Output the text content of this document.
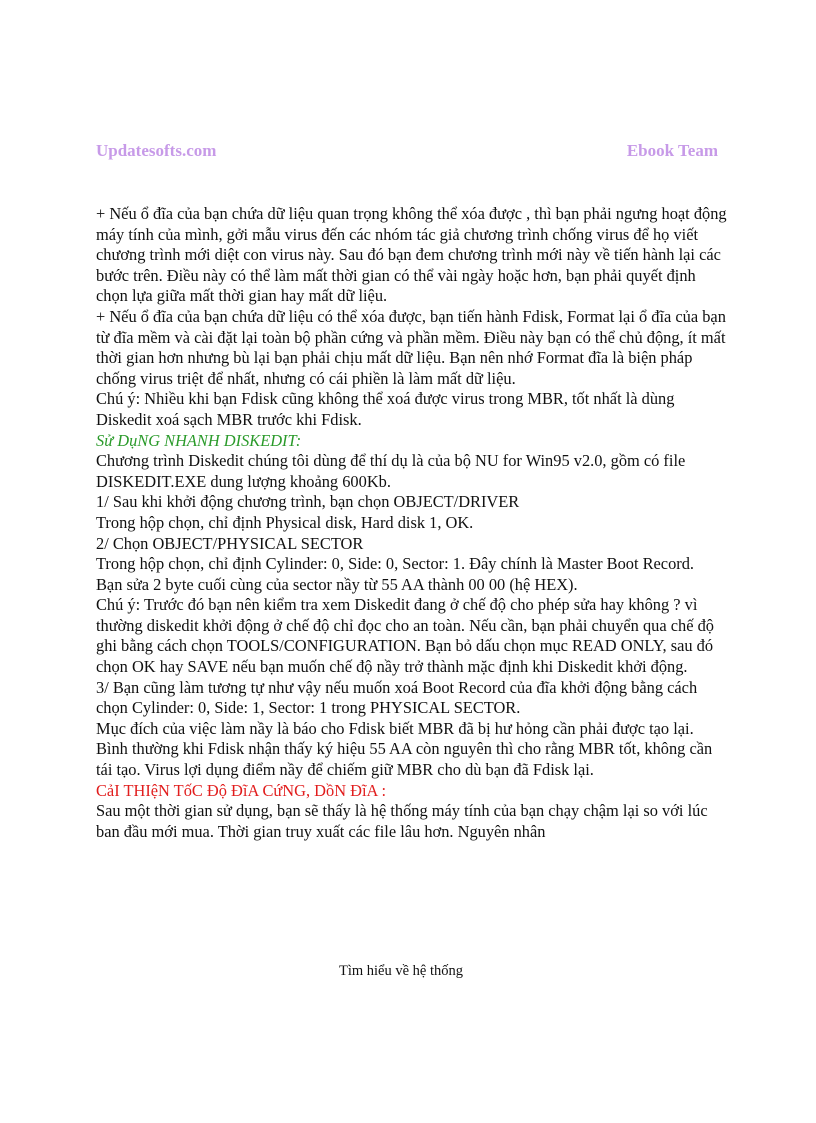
Updatesofts.com	Ebook Team

+ Nếu ổ đĩa của bạn chứa dữ liệu quan trọng không thể xóa được , thì bạn phải ngưng hoạt động máy tính của mình, gởi mẫu virus đến các nhóm tác giả chương trình chống virus để họ viết chương trình mới diệt con virus này. Sau đó bạn đem chương trình mới này về tiến hành lại các bước trên. Điều này có thể làm mất thời gian có thể vài ngày hoặc hơn, bạn phải quyết định chọn lựa giữa mất thời gian hay mất dữ liệu.

+ Nếu ổ đĩa của bạn chứa dữ liệu có thể xóa được, bạn tiến hành Fdisk, Format lại ổ đĩa của bạn từ đĩa mềm và cài đặt lại toàn bộ phần cứng và phần mềm. Điều này bạn có thể chủ động, ít mất thời gian hơn nhưng bù lại bạn phải chịu mất dữ liệu. Bạn nên nhớ Format đĩa là biện pháp chống virus triệt để nhất, nhưng có cái phiền là làm mất dữ liệu.

Chú ý: Nhiều khi bạn Fdisk cũng không thể xoá được virus trong MBR, tốt nhất là dùng Diskedit xoá sạch MBR trước khi Fdisk.

Sử DụNG NHANH DISKEDIT:

Chương trình Diskedit chúng tôi dùng để thí dụ là của bộ NU for Win95 v2.0, gồm có file DISKEDIT.EXE dung lượng khoảng 600Kb.

1/ Sau khi khởi động chương trình, bạn chọn OBJECT/DRIVER

Trong hộp chọn, chỉ định Physical disk, Hard disk 1, OK.

2/ Chọn OBJECT/PHYSICAL SECTOR

Trong hộp chọn, chỉ định Cylinder: 0, Side: 0, Sector: 1. Đây chính là Master Boot Record.

Bạn sửa 2 byte cuối cùng của sector nầy từ 55 AA thành 00 00 (hệ HEX).

Chú ý: Trước đó bạn nên kiểm tra xem Diskedit đang ở chế độ cho phép sửa hay không ? vì thường diskedit khởi động ở chế độ chỉ đọc cho an toàn. Nếu cần, bạn phải chuyển qua chế độ ghi bằng cách chọn TOOLS/CONFIGURATION. Bạn bỏ dấu chọn mục READ ONLY, sau đó chọn OK hay SAVE nếu bạn muốn chế độ nầy trở thành mặc định khi Diskedit khởi động.

3/ Bạn cũng làm tương tự như vậy nếu muốn xoá Boot Record của đĩa khởi động bằng cách chọn Cylinder: 0, Side: 1, Sector: 1 trong PHYSICAL SECTOR.

Mục đích của việc làm nầy là báo cho Fdisk biết MBR đã bị hư hỏng cần phải được tạo lại. Bình thường khi Fdisk nhận thấy ký hiệu 55 AA còn nguyên thì cho rằng MBR tốt, không cần tái tạo. Virus lợi dụng điểm nầy để chiếm giữ MBR cho dù bạn đã Fdisk lại.

CảI THIệN TốC Độ ĐĩA CứNG, DồN ĐĩA :

Sau một thời gian sử dụng, bạn sẽ thấy là hệ thống máy tính của bạn chạy chậm lại so với lúc ban đầu mới mua. Thời gian truy xuất các file lâu hơn. Nguyên nhân

Tìm hiểu về hệ thống
